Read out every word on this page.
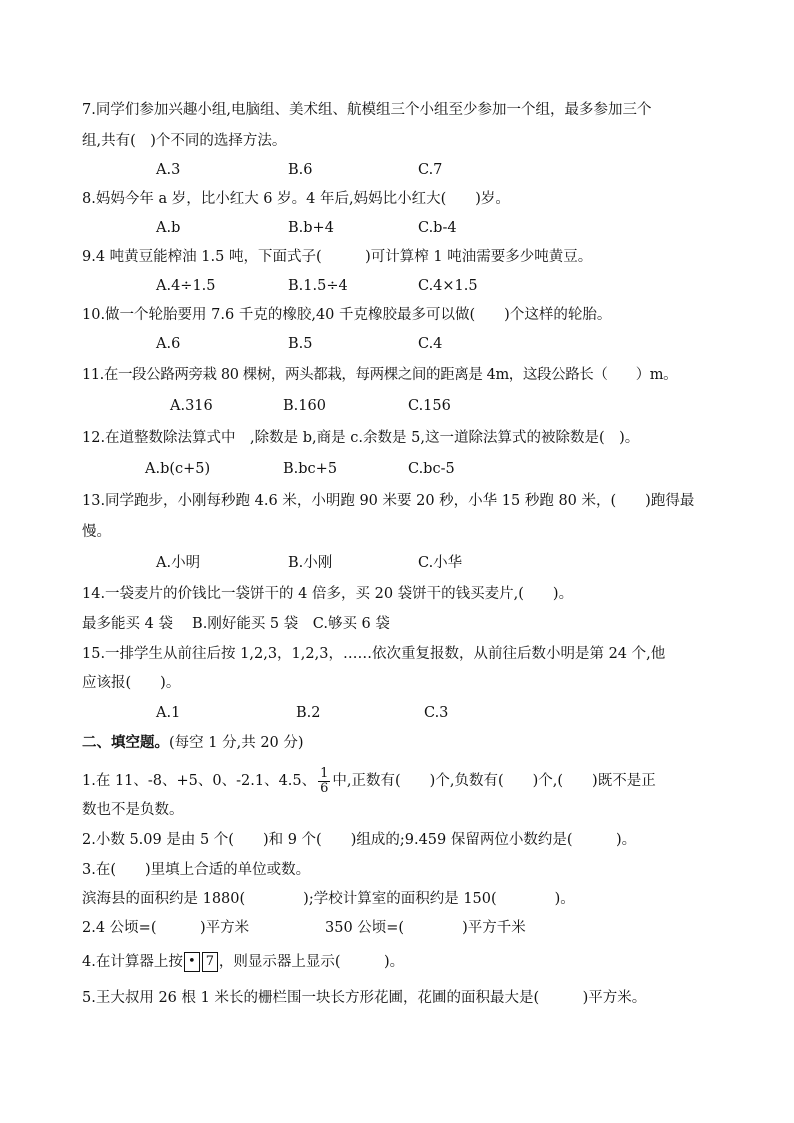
7.同学们参加兴趣小组,电脑组、美术组、航模组三个小组至少参加一个组，最多参加三个
组,共有(　)个不同的选择方法。
A.3	B.6	C.7
8.妈妈今年 a 岁，比小红大 6 岁。4 年后,妈妈比小红大(　　)岁。
A.b	B.b+4	C.b-4
9.4 吨黄豆能榨油 1.5 吨，下面式子(　　　)可计算榨 1 吨油需要多少吨黄豆。
A.4÷1.5	B.1.5÷4	C.4×1.5
10.做一个轮胎要用 7.6 千克的橡胶,40 千克橡胶最多可以做(　　)个这样的轮胎。
A.6	B.5	C.4
11.在一段公路两旁栽 80 棵树，两头都栽，每两棵之间的距离是 4m，这段公路长（　　）m。
A.316	B.160	C.156
12.在道整数除法算式中　,除数是 b,商是 c.余数是 5,这一道除法算式的被除数是(　)。
A.b(c+5)	B.bc+5	C.bc-5
13.同学跑步，小刚每秒跑 4.6 米，小明跑 90 米要 20 秒，小华 15 秒跑 80 米，(　　)跑得最
慢。
A.小明	B.小刚	C.小华
14.一袋麦片的价钱比一袋饼干的 4 倍多，买 20 袋饼干的钱买麦片,(　　)。
最多能买 4 袋　 B.刚好能买 5 袋　C.够买 6 袋
15.一排学生从前往后按 1,2,3，1,2,3，……依次重复报数，从前往后数小明是第 24 个,他
应该报(　　)。
A.1	B.2	C.3
二、填空题。(每空 1 分,共 20 分)
1.在 11、-8、+5、0、-2.1、4.5、 $\frac{1}{6}$ 中,正数有(　　)个,负数有(　　)个,(　　)既不是正
数也不是负数。
2.小数 5.09 是由 5 个(　　)和 9 个(　　)组成的;9.459 保留两位小数约是(　　　)。
3.在(　　)里填上合适的单位或数。
滨海县的面积约是 1880(　　　　);学校计算室的面积约是 150(　　　　)。
2.4 公顷=(　　　)平方米	350 公顷=(　　　　)平方千米
4.在计算器上按 • 7 ，则显示器上显示(　　　)。
5.王大叔用 26 根 1 米长的栅栏围一块长方形花圃，花圃的面积最大是(　　　)平方米。
